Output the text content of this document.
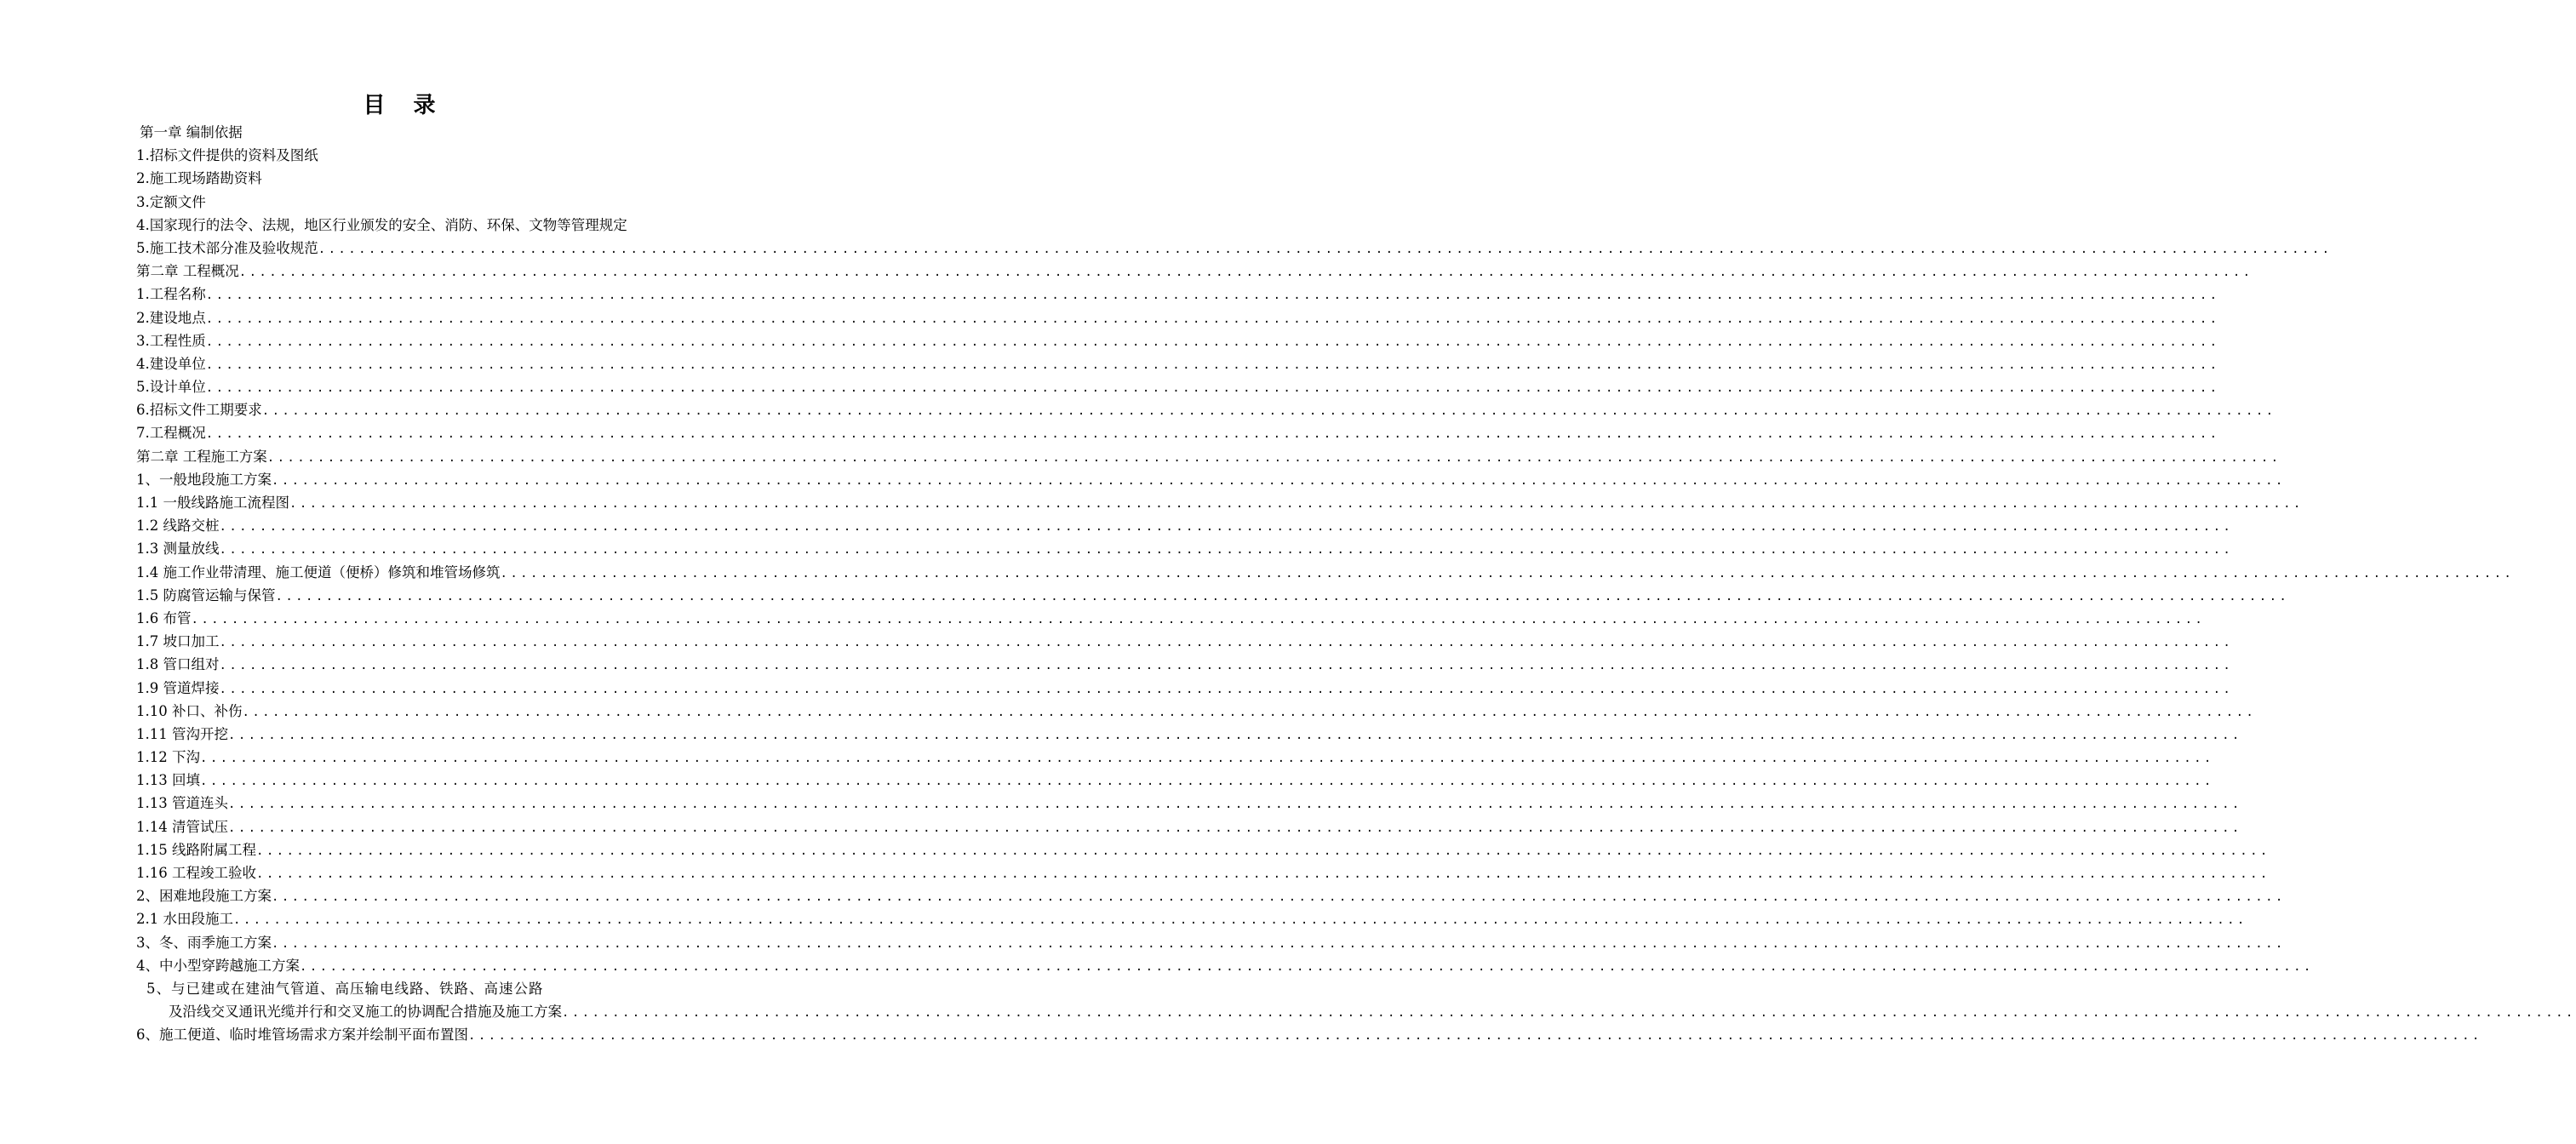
目 录
第一章 编制依据
1.招标文件提供的资料及图纸
2.施工现场踏勘资料
3.定额文件
4.国家现行的法令、法规，地区行业颁发的安全、消防、环保、文物等管理规定
5.施工技术部分准及验收规范 ........................................................................................................................................................................................................
第二章 工程概况 ........................................................................................................................................................................................................
1.工程名称 ........................................................................................................................................................................................................
2.建设地点 ........................................................................................................................................................................................................
3.工程性质 ........................................................................................................................................................................................................
4.建设单位 ........................................................................................................................................................................................................
5.设计单位 ........................................................................................................................................................................................................
6.招标文件工期要求 ........................................................................................................................................................................................................
7.工程概况 ........................................................................................................................................................................................................
第二章 工程施工方案 ........................................................................................................................................................................................................
1、一般地段施工方案 ........................................................................................................................................................................................................
1.1 一般线路施工流程图 ........................................................................................................................................................................................................
1.2 线路交桩 ........................................................................................................................................................................................................
1.3 测量放线 ........................................................................................................................................................................................................
1.4 施工作业带清理、施工便道（便桥）修筑和堆管场修筑 ........................................................................................................................................................................................................
1.5 防腐管运输与保管 ........................................................................................................................................................................................................
1.6 布管 ........................................................................................................................................................................................................
1.7 坡口加工 ........................................................................................................................................................................................................
1.8 管口组对 ........................................................................................................................................................................................................
1.9 管道焊接 ........................................................................................................................................................................................................
1.10 补口、补伤 ........................................................................................................................................................................................................
1.11 管沟开挖 ........................................................................................................................................................................................................
1.12 下沟 ........................................................................................................................................................................................................
1.13 回填 ........................................................................................................................................................................................................
1.13 管道连头 ........................................................................................................................................................................................................
1.14 清管试压 ........................................................................................................................................................................................................
1.15 线路附属工程 ........................................................................................................................................................................................................
1.16 工程竣工验收 ........................................................................................................................................................................................................
2、困难地段施工方案 ........................................................................................................................................................................................................
2.1 水田段施工 ........................................................................................................................................................................................................
3、冬、雨季施工方案 ........................................................................................................................................................................................................
4、中小型穿跨越施工方案 ........................................................................................................................................................................................................
5、与已建或在建油气管道、高压输电线路、铁路、高速公路
及沿线交叉通讯光缆并行和交叉施工的协调配合措施及施工方案 ........................................................................................................................................................................................................
6、施工便道、临时堆管场需求方案并绘制平面布置图 ........................................................................................................................................................................................................
